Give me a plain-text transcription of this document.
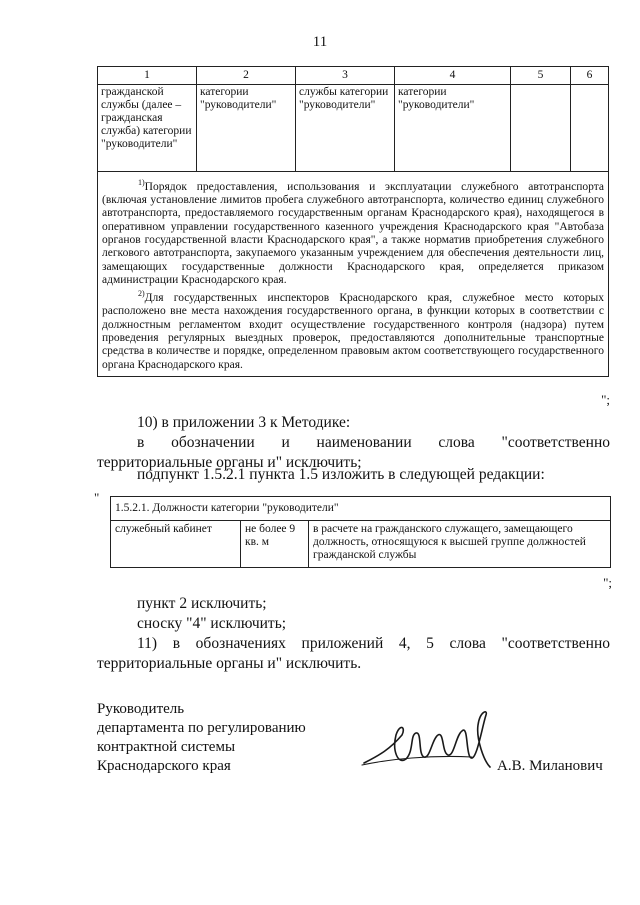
11
1	2	3	4	5	6
гражданской службы (далее – гражданская служба) категории "руководители"	категории "руководители"	службы категории "руководители"	категории "руководители"		

$^{1)}$Порядок предоставления, использования и эксплуатации служебного автотранспорта (включая установление лимитов пробега служебного автотранспорта, количество единиц служебного автотранспорта, предоставляемого государственным органам Краснодарского края), находящегося в оперативном управлении государственного казенного учреждения Краснодарского края "Автобаза органов государственной власти Краснодарского края", а также норматив приобретения служебного легкового автотранспорта, закупаемого указанным учреждением для обеспечения деятельности лиц, замещающих государственные должности Краснодарского края, определяется приказом администрации Краснодарского края.

$^{2)}$Для государственных инспекторов Краснодарского края, служебное место которых расположено вне места нахождения государственного органа, в функции которых в соответствии с должностным регламентом входит осуществление государственного контроля (надзора) путем проведения регулярных выездных проверок, предоставляются дополнительные транспортные средства в количестве и порядке, определенном правовым актом соответствующего государственного органа Краснодарского края.					

";
10) в приложении 3 к Методике:
в обозначении и наименовании слова "соответственно территориальные органы и" исключить;
подпункт 1.5.2.1 пункта 1.5 изложить в следующей редакции:
"
1.5.2.1. Должности категории "руководители"
служебный кабинет	не более 9 кв. м	в расчете на гражданского служащего, замещающего должность, относящуюся к высшей группе должностей гражданской службы
";
пункт 2 исключить;
сноску "4" исключить;
11) в обозначениях приложений 4, 5 слова "соответственно территориальные органы и" исключить.
Руководитель
департамента по регулированию
контрактной системы
Краснодарского края	А.В. Миланович
